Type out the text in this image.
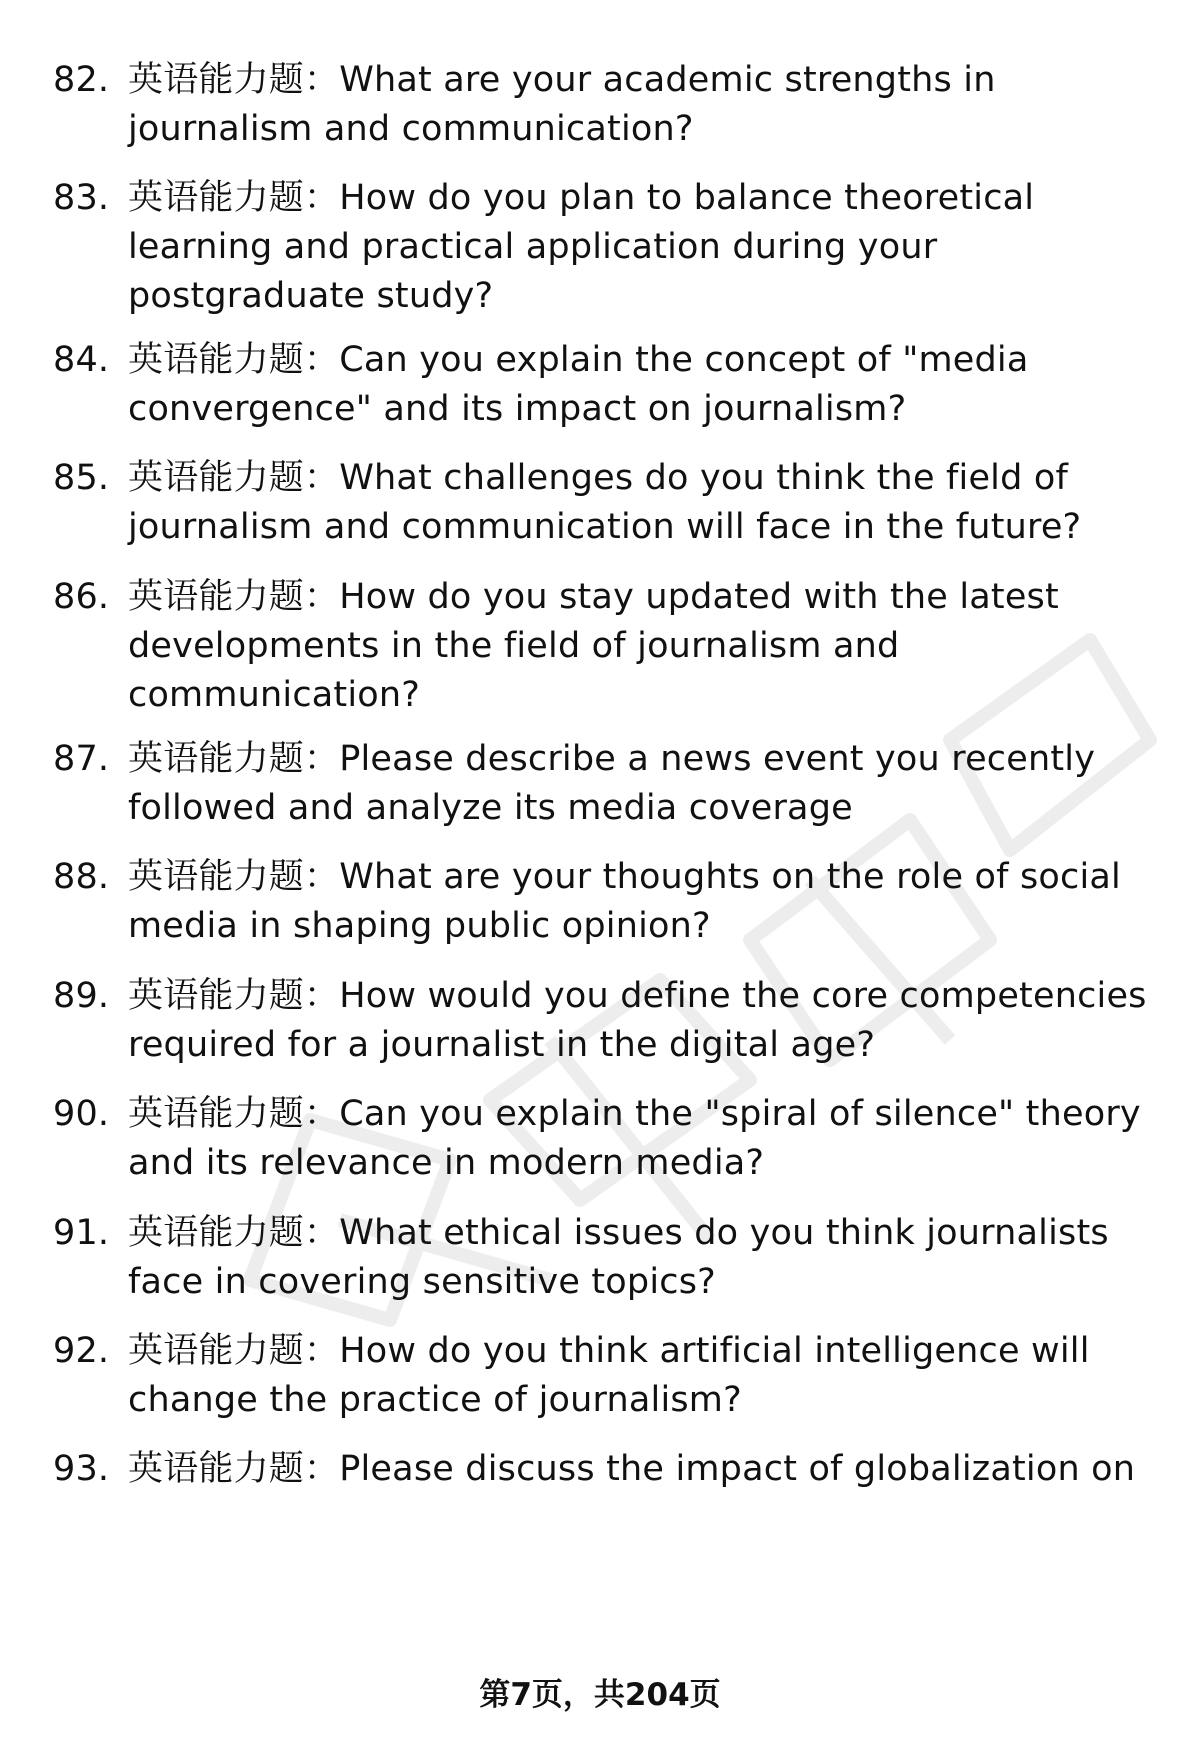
82. 英语能力题：What are your academic strengths in journalism and communication?
83. 英语能力题：How do you plan to balance theoretical learning and practical application during your postgraduate study?
84. 英语能力题：Can you explain the concept of "media convergence" and its impact on journalism?
85. 英语能力题：What challenges do you think the field of journalism and communication will face in the future?
86. 英语能力题：How do you stay updated with the latest developments in the field of journalism and communication?
87. 英语能力题：Please describe a news event you recently followed and analyze its media coverage
88. 英语能力题：What are your thoughts on the role of social media in shaping public opinion?
89. 英语能力题：How would you define the core competencies required for a journalist in the digital age?
90. 英语能力题：Can you explain the "spiral of silence" theory and its relevance in modern media?
91. 英语能力题：What ethical issues do you think journalists face in covering sensitive topics?
92. 英语能力题：How do you think artificial intelligence will change the practice of journalism?
93. 英语能力题：Please discuss the impact of globalization on
第7页，共204页
